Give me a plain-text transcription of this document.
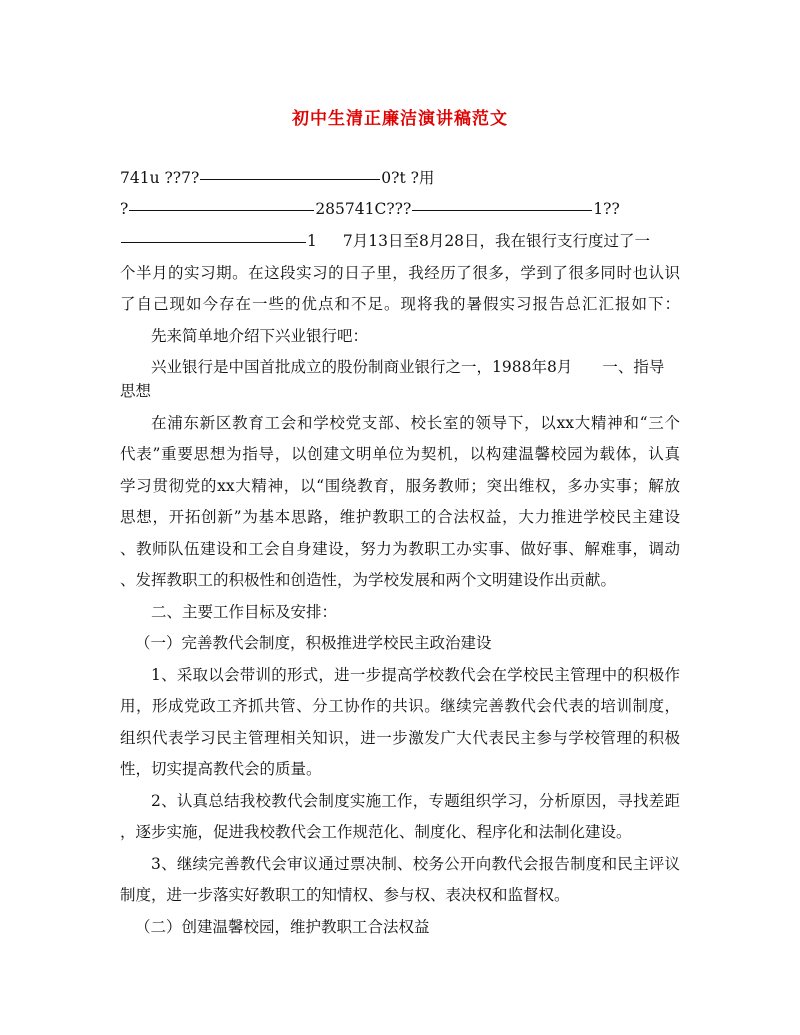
初中生清正廉洁演讲稿范文
741u ??7?	0?t ?用
?	285741C???	1??
1 7月13日至8月28日，我在银行支行度过了一
个半月的实习期。在这段实习的日子里，我经历了很多，学到了很多同时也认识
了自己现如今存在一些的优点和不足。现将我的暑假实习报告总汇汇报如下：
先来简单地介绍下兴业银行吧：
兴业银行是中国首批成立的股份制商业银行之一，1988年8月 一、指导
思想
在浦东新区教育工会和学校党支部、校长室的领导下，以xx大精神和“三个
代表”重要思想为指导，以创建文明单位为契机，以构建温馨校园为载体，认真
学习贯彻党的xx大精神，以“围绕教育，服务教师；突出维权，多办实事；解放
思想，开拓创新”为基本思路，维护教职工的合法权益，大力推进学校民主建设
、教师队伍建设和工会自身建设，努力为教职工办实事、做好事、解难事，调动
、发挥教职工的积极性和创造性，为学校发展和两个文明建设作出贡献。
二、主要工作目标及安排：
（一）完善教代会制度，积极推进学校民主政治建设
1、采取以会带训的形式，进一步提高学校教代会在学校民主管理中的积极作
用，形成党政工齐抓共管、分工协作的共识。继续完善教代会代表的培训制度，
组织代表学习民主管理相关知识，进一步激发广大代表民主参与学校管理的积极
性，切实提高教代会的质量。
2、认真总结我校教代会制度实施工作，专题组织学习，分析原因，寻找差距
，逐步实施，促进我校教代会工作规范化、制度化、程序化和法制化建设。
3、继续完善教代会审议通过票决制、校务公开向教代会报告制度和民主评议
制度，进一步落实好教职工的知情权、参与权、表决权和监督权。
（二）创建温馨校园，维护教职工合法权益
